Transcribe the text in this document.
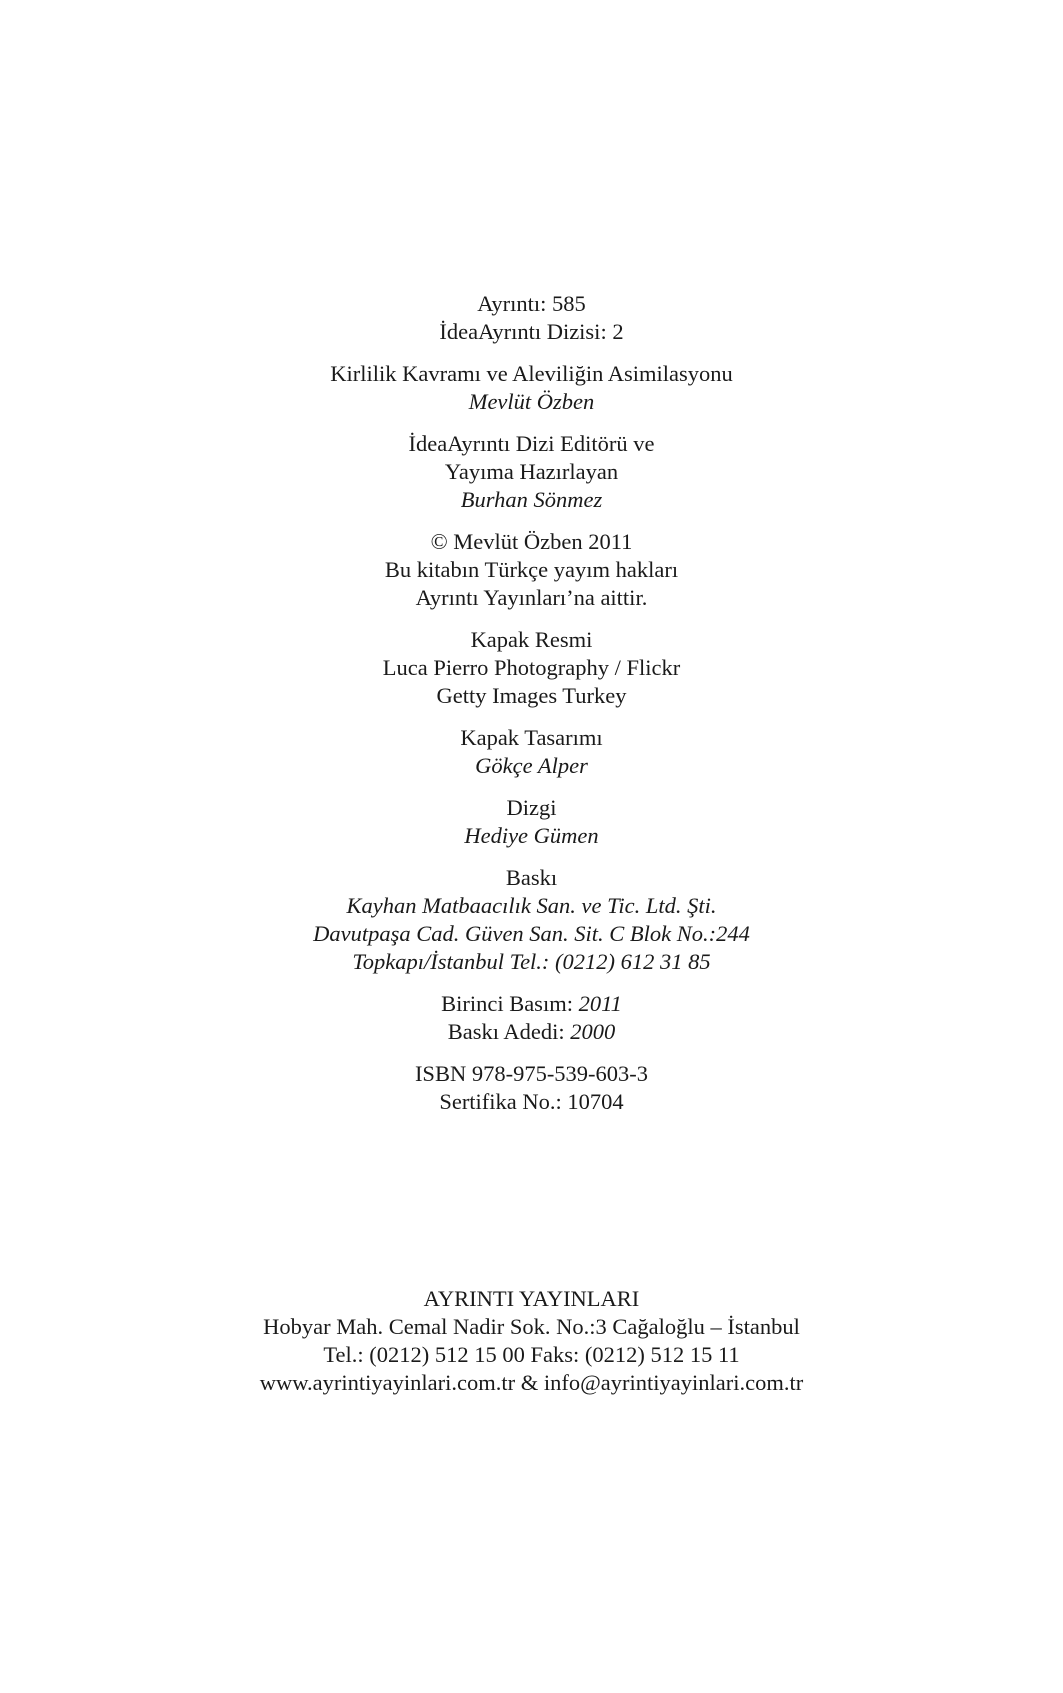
Ayrıntı: 585
İdeaAyrıntı Dizisi: 2
Kirlilik Kavramı ve Aleviliğin Asimilasyonu
Mevlüt Özben
İdeaAyrıntı Dizi Editörü ve
Yayıma Hazırlayan
Burhan Sönmez
© Mevlüt Özben 2011
Bu kitabın Türkçe yayım hakları
Ayrıntı Yayınları’na aittir.
Kapak Resmi
Luca Pierro Photography / Flickr
Getty Images Turkey
Kapak Tasarımı
Gökçe Alper
Dizgi
Hediye Gümen
Baskı
Kayhan Matbaacılık San. ve Tic. Ltd. Şti.
Davutpaşa Cad. Güven San. Sit. C Blok No.:244
Topkapı/İstanbul Tel.: (0212) 612 31 85
Birinci Basım: 2011
Baskı Adedi: 2000
ISBN 978-975-539-603-3
Sertifika No.: 10704
AYRINTI YAYINLARI
Hobyar Mah. Cemal Nadir Sok. No.:3 Cağaloğlu – İstanbul
Tel.: (0212) 512 15 00 Faks: (0212) 512 15 11
www.ayrintiyayinlari.com.tr & info@ayrintiyayinlari.com.tr
